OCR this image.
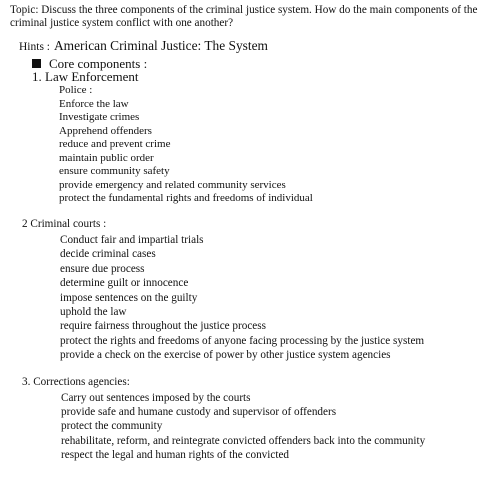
Topic: Discuss the three components of the criminal justice system. How do the main components of the criminal justice system conflict with one another?
Hints : American Criminal Justice: The System
Core components :
1. Law Enforcement
Police :
Enforce the law
Investigate crimes
Apprehend offenders
reduce and prevent crime
maintain public order
ensure community safety
provide emergency and related community services
protect the fundamental rights and freedoms of individual
2 Criminal courts :
Conduct fair and impartial trials
decide criminal cases
ensure due process
determine guilt or innocence
impose sentences on the guilty
uphold the law
require fairness throughout the justice process
protect the rights and freedoms of anyone facing processing by the justice system
provide a check on the exercise of power by other justice system agencies
3. Corrections agencies:
Carry out sentences imposed by the courts
provide safe and humane custody and supervisor of offenders
protect the community
rehabilitate, reform, and reintegrate convicted offenders back into the community
respect the legal and human rights of the convicted
